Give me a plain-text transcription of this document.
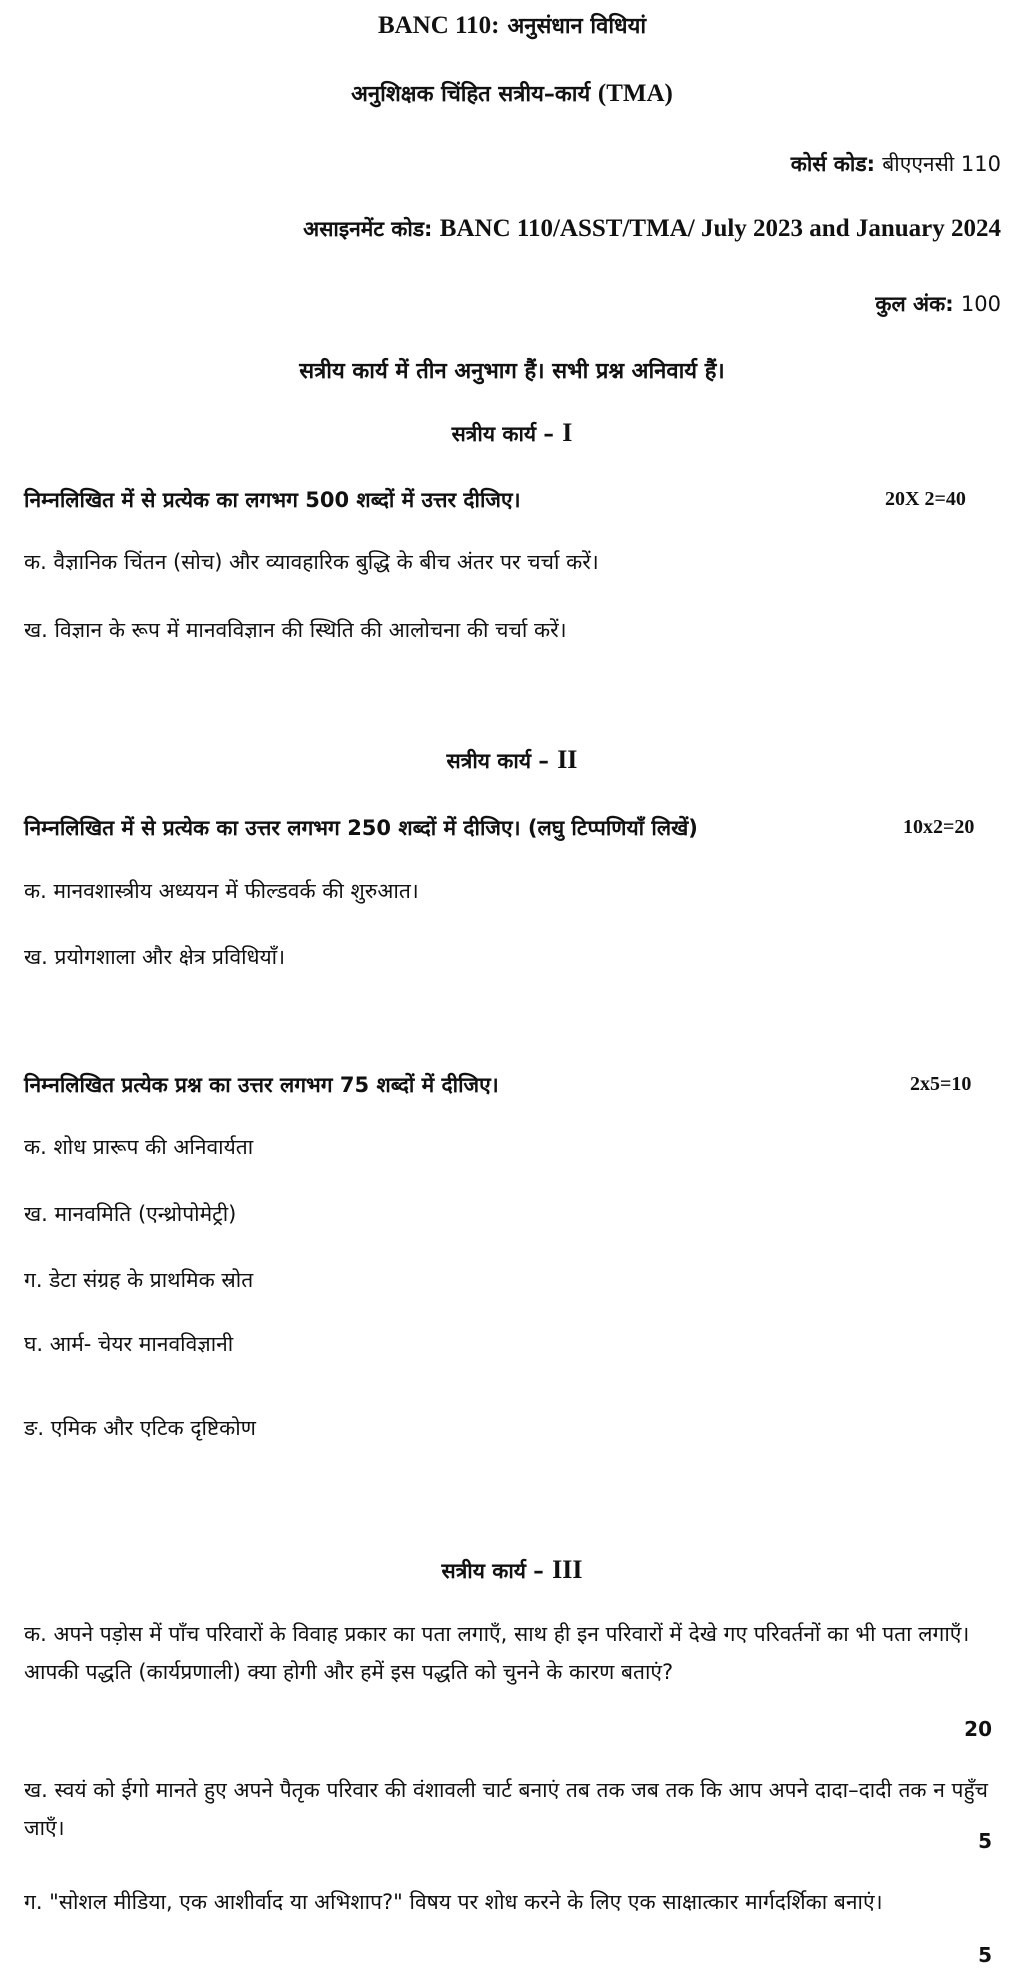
BANC 110: अनुसंधान विधियां
अनुशिक्षक चिंहित सत्रीय–कार्य (TMA)
कोर्स कोड: बीएएनसी 110
असाइनमेंट कोड: BANC 110/ASST/TMA/ July 2023 and January 2024
कुल अंक: 100
सत्रीय कार्य में तीन अनुभाग हैं। सभी प्रश्न अनिवार्य हैं।
सत्रीय कार्य – I
निम्नलिखित में से प्रत्येक का लगभग 500 शब्दों में उत्तर दीजिए।	20X 2=40
क. वैज्ञानिक चिंतन (सोच) और व्यावहारिक बुद्धि के बीच अंतर पर चर्चा करें।
ख. विज्ञान के रूप में मानवविज्ञान की स्थिति की आलोचना की चर्चा करें।
सत्रीय कार्य – II
निम्नलिखित में से प्रत्येक का उत्तर लगभग 250 शब्दों में दीजिए। (लघु टिप्पणियाँ लिखें)	10x2=20
क. मानवशास्त्रीय अध्ययन में फील्डवर्क की शुरुआत।
ख. प्रयोगशाला और क्षेत्र प्रविधियाँ।
निम्नलिखित प्रत्येक प्रश्न का उत्तर लगभग 75 शब्दों में दीजिए।	2x5=10
क. शोध प्रारूप की अनिवार्यता
ख. मानवमिति (एन्थ्रोपोमेट्री)
ग. डेटा संग्रह के प्राथमिक स्रोत
घ. आर्म- चेयर मानवविज्ञानी
ङ. एमिक और एटिक दृष्टिकोण
सत्रीय कार्य – III
क. अपने पड़ोस में पाँच परिवारों के विवाह प्रकार का पता लगाएँ, साथ ही इन परिवारों में देखे गए परिवर्तनों का भी पता लगाएँ। आपकी पद्धति (कार्यप्रणाली) क्या होगी और हमें इस पद्धति को चुनने के कारण बताएं?
20
ख. स्वयं को ईगो मानते हुए अपने पैतृक परिवार की वंशावली चार्ट बनाएं तब तक जब तक कि आप अपने दादा–दादी तक न पहुँच जाएँ।
5
ग. "सोशल मीडिया, एक आशीर्वाद या अभिशाप?" विषय पर शोध करने के लिए एक साक्षात्कार मार्गदर्शिका बनाएं।
5
